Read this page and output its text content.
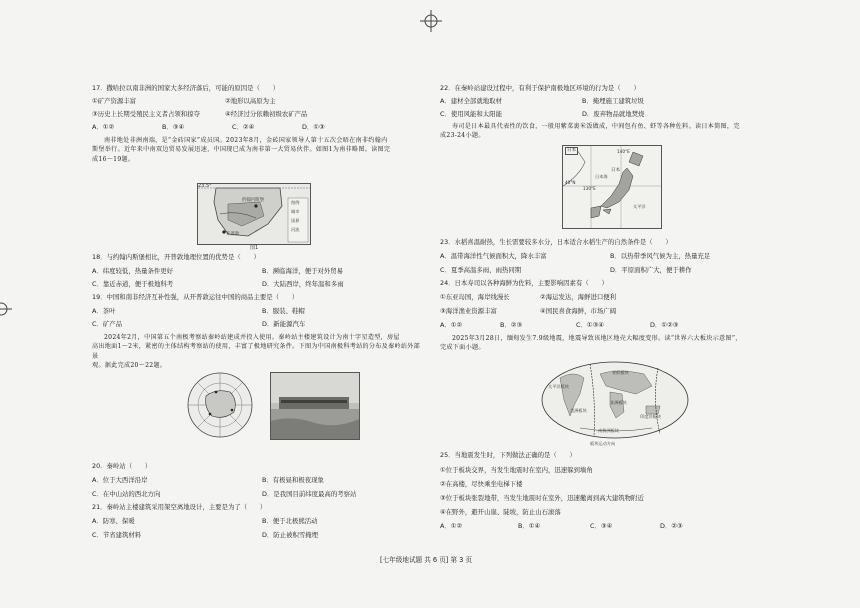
17．撒哈拉以南非洲的国家大多经济落后，可能的原因是（　　）
①矿产资源丰富	②地形以高原为主
③历史上长期受殖民主义者占领和掠夺	④经济过分依赖初级农矿产品
A．①②	B．③④	C．②④	D．①③
南非地处非洲南端，是“金砖国家”成员国。2023年8月，金砖国家领导人第十五次会晤在南非约翰内
斯堡举行。近年来中南双边贸易发展迅速，中国现已成为南非第一大贸易伙伴。如图1为南非略图。读图完
成16～19题。
23.5°
约翰内斯堡
开普敦
图例
城市
国界
河流
图1
18．与约翰内斯堡相比，开普敦地理位置的优势是（　　）
A．纬度较低，热量条件更好	B．濒临海洋，便于对外贸易
C．靠近赤道，便于极地科考	D．大陆西岸，终年温和多雨
19．中国和南非经济互补性强，从开普敦运往中国的商品主要是（　　）
A．茶叶	B．服装、鞋帽
C．矿产品	D．新能源汽车
2024年2月，中国第五个南极考察站秦岭站建成并投入使用。秦岭站主楼建筑设计为南十字星造型，房屋
高出地面1～2米，紧密的主体结构考察站的使用，丰富了极地研究条件。下图为中国南极科考站的分布及秦岭站外部景
观。据此完成20～22题。
20．秦岭站（　　）
A．位于大西洋沿岸	B．有极昼和极夜现象
C．在中山站的西北方向	D．是我国目前纬度最高的考察站
21．秦岭站主楼建筑采用架空离地设计，主要是为了（　　）
A．防寒、保暖	B．便于北极熊活动
C．节省建筑材料	D．防止被积雪掩埋
22．在秦岭站建设过程中，有利于保护南极地区环境的行为是（　　）
A．建材全部就地取材	B．掩埋施工建筑垃圾
C．使用风能和太阳能	D．废弃物品就地焚烧
寿司是日本最具代表性的饮食，一般用紫菜裹米饭做成，中间包有鱼、虾等各种佐料。读日本简图，完
成23-24小题。
日本
130°E
140°E
40°N
日本
日本海
太平洋
23．水稻喜温耐热，生长需要较多水分，日本适合水稻生产的自然条件是（　　）
A．温带海洋性气候面积大，降水丰富	B．以热带季风气候为主，热量充足
C．夏季高温多雨，雨热同期	D．平原面积广大，便于耕作
24．日本寿司以各种海鲜为佐料，主要影响因素有（　　）
①东亚岛国，海岸线漫长	②海运发达，海鲜进口便利
③海洋渔业资源丰富	④国民喜食海鲜，市场广阔
A．①②	B．②③	C．①③④	D．①②③
2025年3月28日，缅甸发生7.9级地震，地震导致该地区地壳大幅度变形。读“世界六大板块示意图”，
完成下面小题。
太平洋板块
亚欧板块
非洲板块
美洲板块
印度洋板块
南极洲板块
板块运动方向
25．当地震发生时，下列做法正确的是（　　）
①位于板块交界，当发生地震时在室内，迅速躲到墙角
②在高楼，尽快乘坐电梯下楼
③位于板块张裂地带，当发生地震时在室外，迅速撤离到高大建筑物附近
④在野外，避开山崖、陡坡，防止山石滚落
A．①②	B．①④	C．③④	D．②③
[七年级地试题 共 6 页] 第 3 页
